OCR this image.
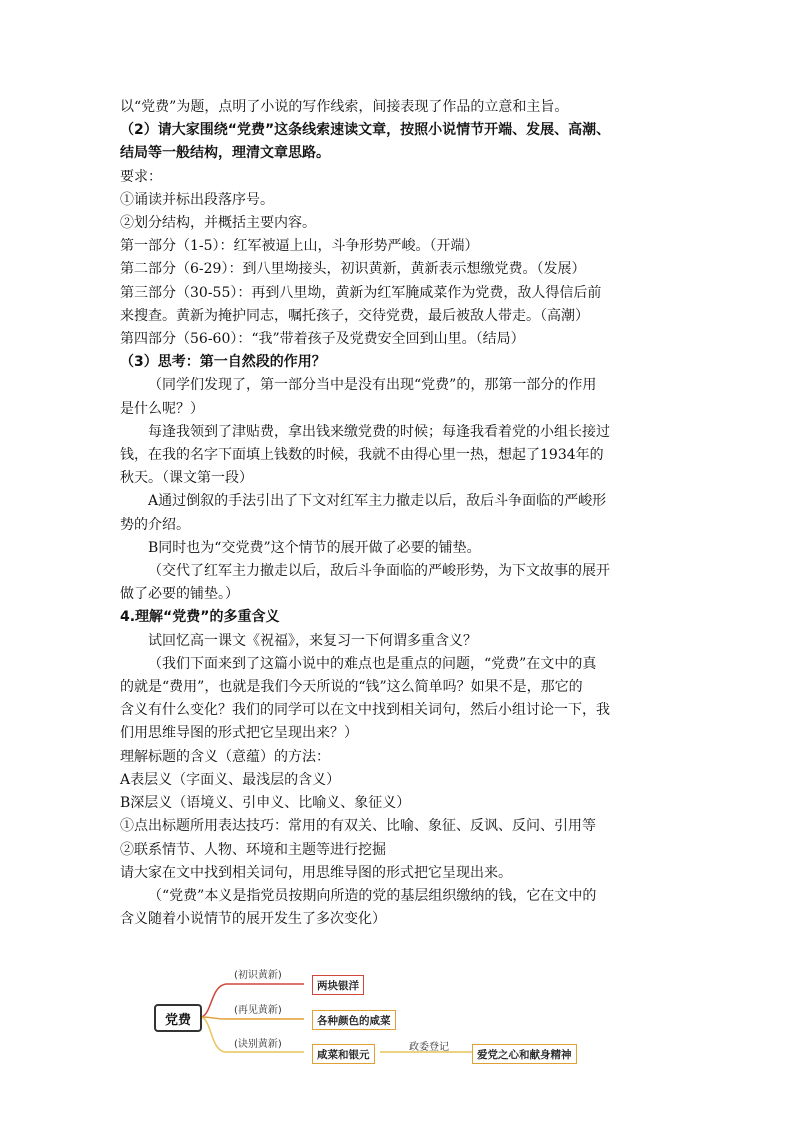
以“党费”为题，点明了小说的写作线索，间接表现了作品的立意和主旨。

（2）请大家围绕“党费”这条线索速读文章，按照小说情节开端、发展、高潮、

结局等一般结构，理清文章思路。

要求：

①诵读并标出段落序号。

②划分结构，并概括主要内容。

第一部分（1-5）：红军被逼上山，斗争形势严峻。（开端）

第二部分（6-29）：到八里坳接头，初识黄新，黄新表示想缴党费。（发展）

第三部分（30-55）：再到八里坳，黄新为红军腌咸菜作为党费，敌人得信后前

来搜查。黄新为掩护同志，嘱托孩子，交待党费，最后被敌人带走。（高潮）

第四部分（56-60）：“我”带着孩子及党费安全回到山里。（结局）

（3）思考：第一自然段的作用？

（同学们发现了，第一部分当中是没有出现“党费”的，那第一部分的作用

是什么呢？）

每逢我领到了津贴费，拿出钱来缴党费的时候；每逢我看着党的小组长接过

钱，在我的名字下面填上钱数的时候，我就不由得心里一热，想起了1934年的

秋天。（课文第一段）

A通过倒叙的手法引出了下文对红军主力撤走以后，敌后斗争面临的严峻形

势的介绍。

B同时也为“交党费”这个情节的展开做了必要的铺垫。

（交代了红军主力撤走以后，敌后斗争面临的严峻形势，为下文故事的展开

做了必要的铺垫。）

4.理解“党费”的多重含义

试回忆高一课文《祝福》，来复习一下何谓多重含义？

（我们下面来到了这篇小说中的难点也是重点的问题，“党费”在文中的真

的就是“费用”，也就是我们今天所说的“钱”这么简单吗？如果不是，那它的

含义有什么变化？我们的同学可以在文中找到相关词句，然后小组讨论一下，我

们用思维导图的形式把它呈现出来？）

理解标题的含义（意蕴）的方法：

A表层义（字面义、最浅层的含义）

B深层义（语境义、引申义、比喻义、象征义）

①点出标题所用表达技巧：常用的有双关、比喻、象征、反讽、反问、引用等

②联系情节、人物、环境和主题等进行挖掘

请大家在文中找到相关词句，用思维导图的形式把它呈现出来。

（“党费”本义是指党员按期向所造的党的基层组织缴纳的钱，它在文中的

含义随着小说情节的展开发生了多次变化）

党费
(初识黄新)
两块银洋
(再见黄新)
各种颜色的咸菜
(诀别黄新)
咸菜和银元
政委登记
爱党之心和献身精神
